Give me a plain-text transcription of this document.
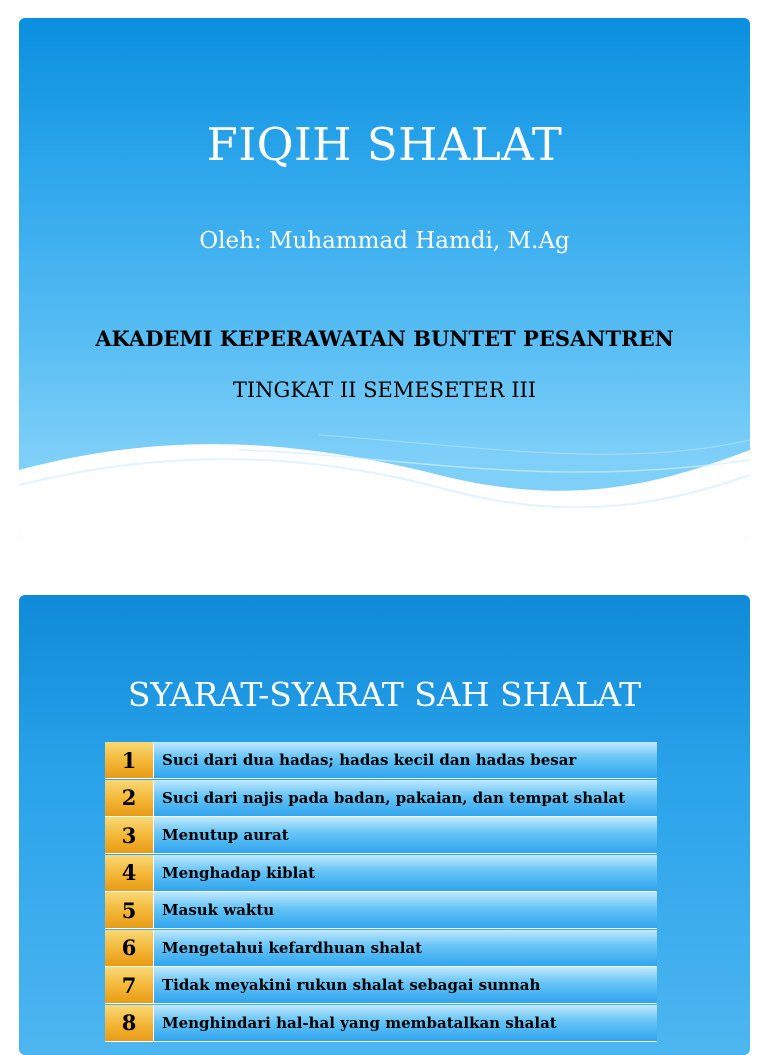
FIQIH SHALAT
Oleh: Muhammad Hamdi, M.Ag
AKADEMI KEPERAWATAN BUNTET PESANTREN
TINGKAT II SEMESETER III
SYARAT-SYARAT SAH SHALAT
1	Suci dari dua hadas; hadas kecil dan hadas besar
2	Suci dari najis pada badan, pakaian, dan tempat shalat
3	Menutup aurat
4	Menghadap kiblat
5	Masuk waktu
6	Mengetahui kefardhuan shalat
7	Tidak meyakini rukun shalat sebagai sunnah
8	Menghindari hal-hal yang membatalkan shalat
